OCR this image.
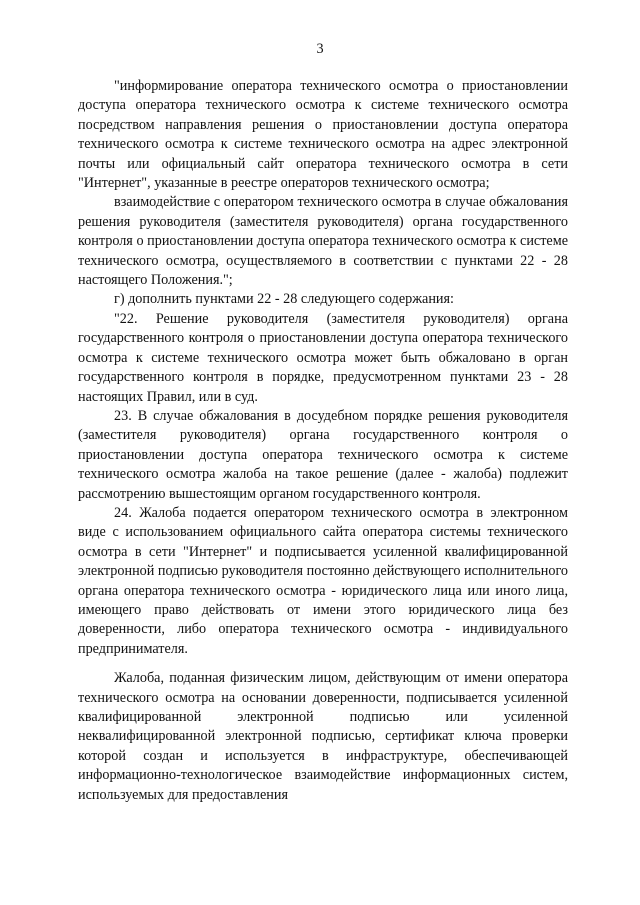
3

"информирование оператора технического осмотра о приостановлении доступа оператора технического осмотра к системе технического осмотра посредством направления решения о приостановлении доступа оператора технического осмотра к системе технического осмотра на адрес электронной почты или официальный сайт оператора технического осмотра в сети "Интернет", указанные в реестре операторов технического осмотра;

взаимодействие с оператором технического осмотра в случае обжалования решения руководителя (заместителя руководителя) органа государственного контроля о приостановлении доступа оператора технического осмотра к системе технического осмотра, осуществляемого в соответствии с пунктами 22 - 28 настоящего Положения.";

г) дополнить пунктами 22 - 28 следующего содержания:

"22. Решение руководителя (заместителя руководителя) органа государственного контроля о приостановлении доступа оператора технического осмотра к системе технического осмотра может быть обжаловано в орган государственного контроля в порядке, предусмотренном пунктами 23 - 28 настоящих Правил, или в суд.

23. В случае обжалования в досудебном порядке решения руководителя (заместителя руководителя) органа государственного контроля о приостановлении доступа оператора технического осмотра к системе технического осмотра жалоба на такое решение (далее - жалоба) подлежит рассмотрению вышестоящим органом государственного контроля.

24. Жалоба подается оператором технического осмотра в электронном виде с использованием официального сайта оператора системы технического осмотра в сети "Интернет" и подписывается усиленной квалифицированной электронной подписью руководителя постоянно действующего исполнительного органа оператора технического осмотра - юридического лица или иного лица, имеющего право действовать от имени этого юридического лица без доверенности, либо оператора технического осмотра - индивидуального предпринимателя.

Жалоба, поданная физическим лицом, действующим от имени оператора технического осмотра на основании доверенности, подписывается усиленной квалифицированной электронной подписью или усиленной неквалифицированной электронной подписью, сертификат ключа проверки которой создан и используется в инфраструктуре, обеспечивающей информационно-технологическое взаимодействие информационных систем, используемых для предоставления
